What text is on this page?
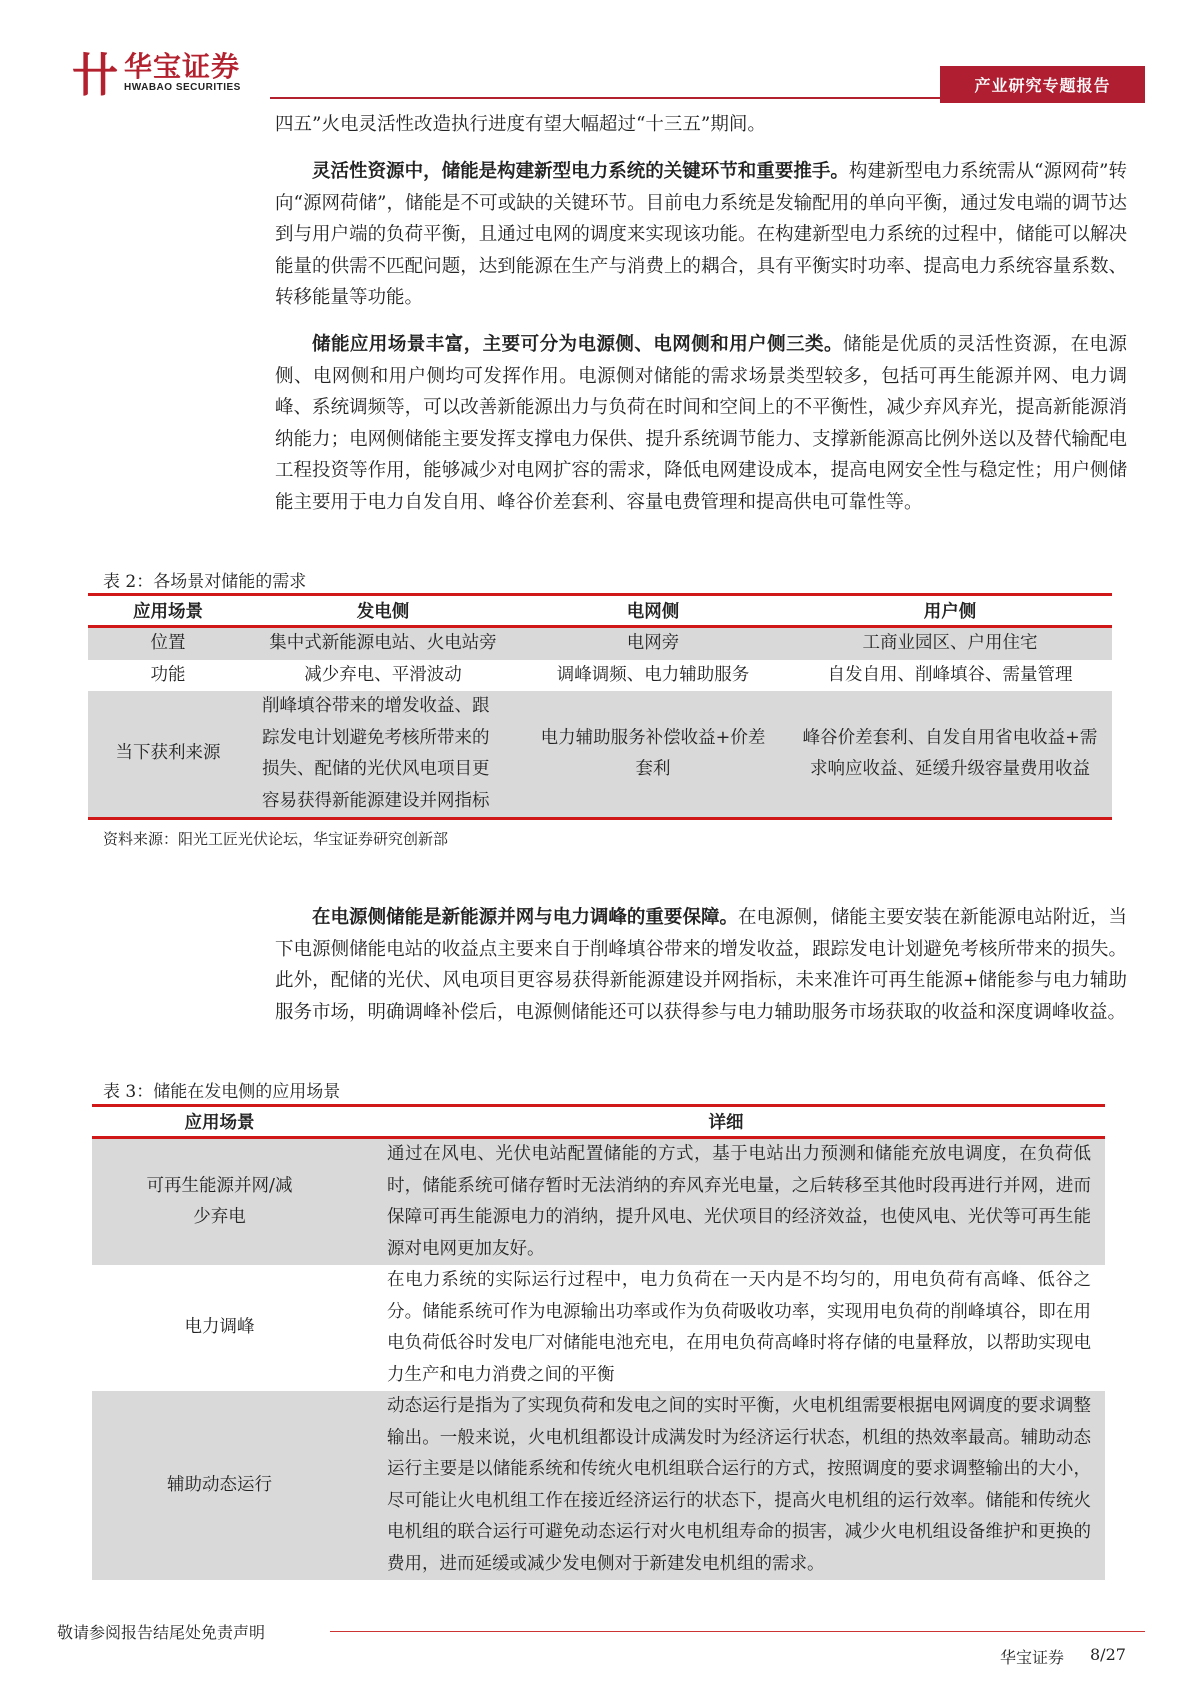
卄 华宝证券
HWABAO SECURITIES	产业研究专题报告
四五”火电灵活性改造执行进度有望大幅超过“十三五”期间。
灵活性资源中，储能是构建新型电力系统的关键环节和重要推手。构建新型电力系统需从“源网荷”转向“源网荷储”，储能是不可或缺的关键环节。目前电力系统是发输配用的单向平衡，通过发电端的调节达到与用户端的负荷平衡，且通过电网的调度来实现该功能。在构建新型电力系统的过程中，储能可以解决能量的供需不匹配问题，达到能源在生产与消费上的耦合，具有平衡实时功率、提高电力系统容量系数、转移能量等功能。
储能应用场景丰富，主要可分为电源侧、电网侧和用户侧三类。储能是优质的灵活性资源，在电源侧、电网侧和用户侧均可发挥作用。电源侧对储能的需求场景类型较多，包括可再生能源并网、电力调峰、系统调频等，可以改善新能源出力与负荷在时间和空间上的不平衡性，减少弃风弃光，提高新能源消纳能力；电网侧储能主要发挥支撑电力保供、提升系统调节能力、支撑新能源高比例外送以及替代输配电工程投资等作用，能够减少对电网扩容的需求，降低电网建设成本，提高电网安全性与稳定性；用户侧储能主要用于电力自发自用、峰谷价差套利、容量电费管理和提高供电可靠性等。
表 2：各场景对储能的需求
应用场景	发电侧	电网侧	用户侧
位置	集中式新能源电站、火电站旁	电网旁	工商业园区、户用住宅
功能	减少弃电、平滑波动	调峰调频、电力辅助服务	自发自用、削峰填谷、需量管理
当下获利来源	削峰填谷带来的增发收益、跟踪发电计划避免考核所带来的损失、配储的光伏风电项目更容易获得新能源建设并网指标	电力辅助服务补偿收益+价差套利	峰谷价差套利、自发自用省电收益+需求响应收益、延缓升级容量费用收益
资料来源：阳光工匠光伏论坛，华宝证券研究创新部
在电源侧储能是新能源并网与电力调峰的重要保障。在电源侧，储能主要安装在新能源电站附近，当下电源侧储能电站的收益点主要来自于削峰填谷带来的增发收益，跟踪发电计划避免考核所带来的损失。此外，配储的光伏、风电项目更容易获得新能源建设并网指标，未来准许可再生能源+储能参与电力辅助服务市场，明确调峰补偿后，电源侧储能还可以获得参与电力辅助服务市场获取的收益和深度调峰收益。
表 3：储能在发电侧的应用场景
应用场景	详细
可再生能源并网/减少弃电	通过在风电、光伏电站配置储能的方式，基于电站出力预测和储能充放电调度，在负荷低时，储能系统可储存暂时无法消纳的弃风弃光电量，之后转移至其他时段再进行并网，进而保障可再生能源电力的消纳，提升风电、光伏项目的经济效益，也使风电、光伏等可再生能源对电网更加友好。
电力调峰	在电力系统的实际运行过程中，电力负荷在一天内是不均匀的，用电负荷有高峰、低谷之分。储能系统可作为电源输出功率或作为负荷吸收功率，实现用电负荷的削峰填谷，即在用电负荷低谷时发电厂对储能电池充电，在用电负荷高峰时将存储的电量释放，以帮助实现电力生产和电力消费之间的平衡
辅助动态运行	动态运行是指为了实现负荷和发电之间的实时平衡，火电机组需要根据电网调度的要求调整输出。一般来说，火电机组都设计成满发时为经济运行状态，机组的热效率最高。辅助动态运行主要是以储能系统和传统火电机组联合运行的方式，按照调度的要求调整输出的大小，尽可能让火电机组工作在接近经济运行的状态下，提高火电机组的运行效率。储能和传统火电机组的联合运行可避免动态运行对火电机组寿命的损害，减少火电机组设备维护和更换的费用，进而延缓或减少发电侧对于新建发电机组的需求。
敬请参阅报告结尾处免责声明
华宝证券 8/27
